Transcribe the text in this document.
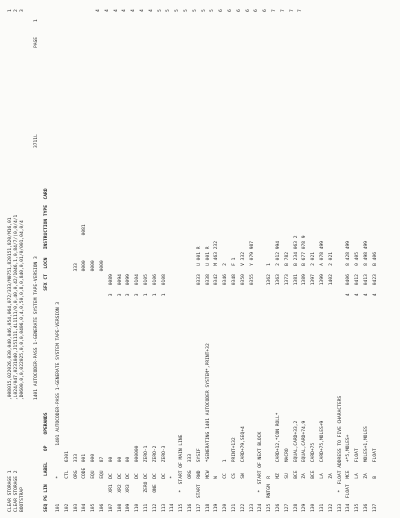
CLEAR STORAGE 1

CLEAR STORAGE 2

BOOTSTRAP

,008015,022026,030,040,046,054,064,072/333/M0751,820151,820/M16,01

,L024/047,0231040,J151111,4L1111/0,0,40,0,42/1046,1,0,84/7/(0,0/4/1

,D0600,0,0,022025,0,0,0,0406,0,4,0,50,0,8,0,840,0,01/0/001,04,0/4

1

2

3

1401 AUTOCODER-PASS 1-GENERATE SYSTEM TAPE-VERSION 3

3711L

PAGE

1

SEQ PG LIN   LABEL    OP    OPERANDS                                            SFX CT  LOCN   INSTRUCTION TYPE  CARD

101         *           1401 AUTOCODER-PASS 1-GENERATE SYSTEM TAPE-VERSION 3 102         CTL   6301 103         ORG   333                                                                  333 104         CODE  001                                                                  0000         0081 105         EQU   000                                                                  0000 106         EQU   87                                                                   0000 107    XR1  DC    00                                                          3   0089 108    XR2  DC    00                                                          3   0094 109    XR3  DC    00                                                          3   0099 110         DC    000000                                                      3   0104 111    ZERO DC    ZERO-1                                                      1   0105 112    ONE  DC    ZERO-2                                                      1   0106 113         DC    ZERO-3                                                      1   0108 114         * 115    *  START OF MAIN LINE 116         ORG   333 117  START  RWD   SYSIF                                                           0333   U 001 R 118         MCW   *GENERATING 1401 AUTOCODER SYSTEM*,PRINT+32                     0338   U 001 R 119         W                                                                     0342   M 463 232 120         CC    1                                                               0346   2 121         CS    PRINT+132                                                       0348   F 1 122         SW    CARD+79,SEQ+4                                                   0350   V 332 123                                                                               0355   Y 079 987 124    *  START OF NEXT BLOCK 125  RNTGM  R                                                                     1362   1 126         MZ    CARD+12,*CON ROLL*                                              1363   2 012 994 127         SU    MACRO                                                           1373   B 782 128         BCE   EQUAL,CARD+33,2                                                 1381   B 234 063 2 129         ZA    EQUAL,CARD+74,9                                                 1389   B 677 078 9 130         BCE   CARD+75                                                         1397   2 021 131         LA    CARD+75,MOLES+9                                                 1399   A 078 499 132         ZA                                                                    1402   2 021 133    *  FLOAT ADDRESS TO FIVE CHARACTERS 134  FLOAT  MCE   +*5,MOLES+                                                  4   0406   8 428 499 135         LA    FLOAT                                                       4   0412   0 405 136         ZA    MOLES+1,MOLES                                               4   0413   8 498 499 137         B     FLOAT                                                       4   0423   B 406

4 4 4 4 4 4 4 5 5 5 5 5 5 5 6 6 6 6 6 6 7 7 7 7
